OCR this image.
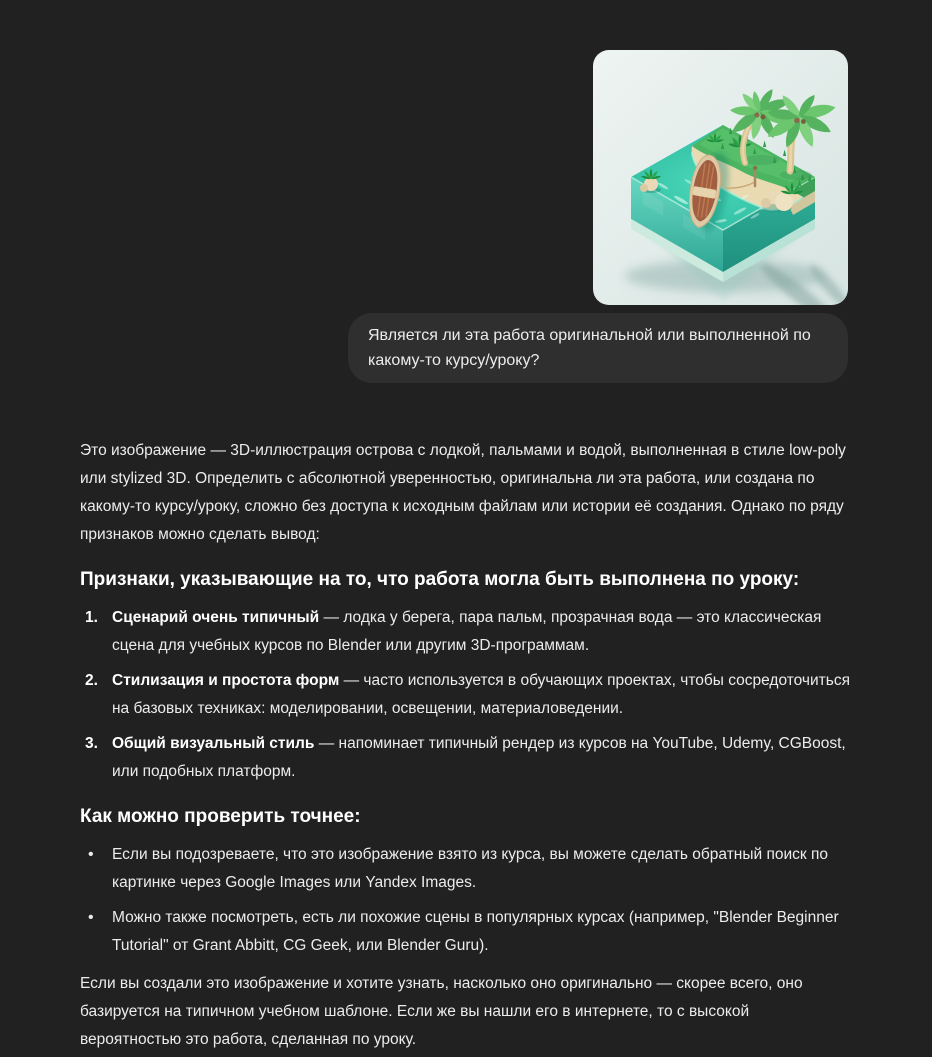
Является ли эта работа оригинальной или выполненной по какому-то курсу/уроку?

Это изображение — 3D-иллюстрация острова с лодкой, пальмами и водой, выполненная в стиле low-poly или stylized 3D. Определить с абсолютной уверенностью, оригинальна ли эта работа, или создана по какому-то курсу/уроку, сложно без доступа к исходным файлам или истории её создания. Однако по ряду признаков можно сделать вывод:

Признаки, указывающие на то, что работа могла быть выполнена по уроку:
1. Сценарий очень типичный — лодка у берега, пара пальм, прозрачная вода — это классическая сцена для учебных курсов по Blender или другим 3D-программам.
2. Стилизация и простота форм — часто используется в обучающих проектах, чтобы сосредоточиться на базовых техниках: моделировании, освещении, материаловедении.
3. Общий визуальный стиль — напоминает типичный рендер из курсов на YouTube, Udemy, CGBoost, или подобных платформ.
Как можно проверить точнее:
•	Если вы подозреваете, что это изображение взято из курса, вы можете сделать обратный поиск по картинке через Google Images или Yandex Images.
•	Можно также посмотреть, есть ли похожие сцены в популярных курсах (например, "Blender Beginner Tutorial" от Grant Abbitt, CG Geek, или Blender Guru).

Если вы создали это изображение и хотите узнать, насколько оно оригинально — скорее всего, оно базируется на типичном учебном шаблоне. Если же вы нашли его в интернете, то с высокой вероятностью это работа, сделанная по уроку.
